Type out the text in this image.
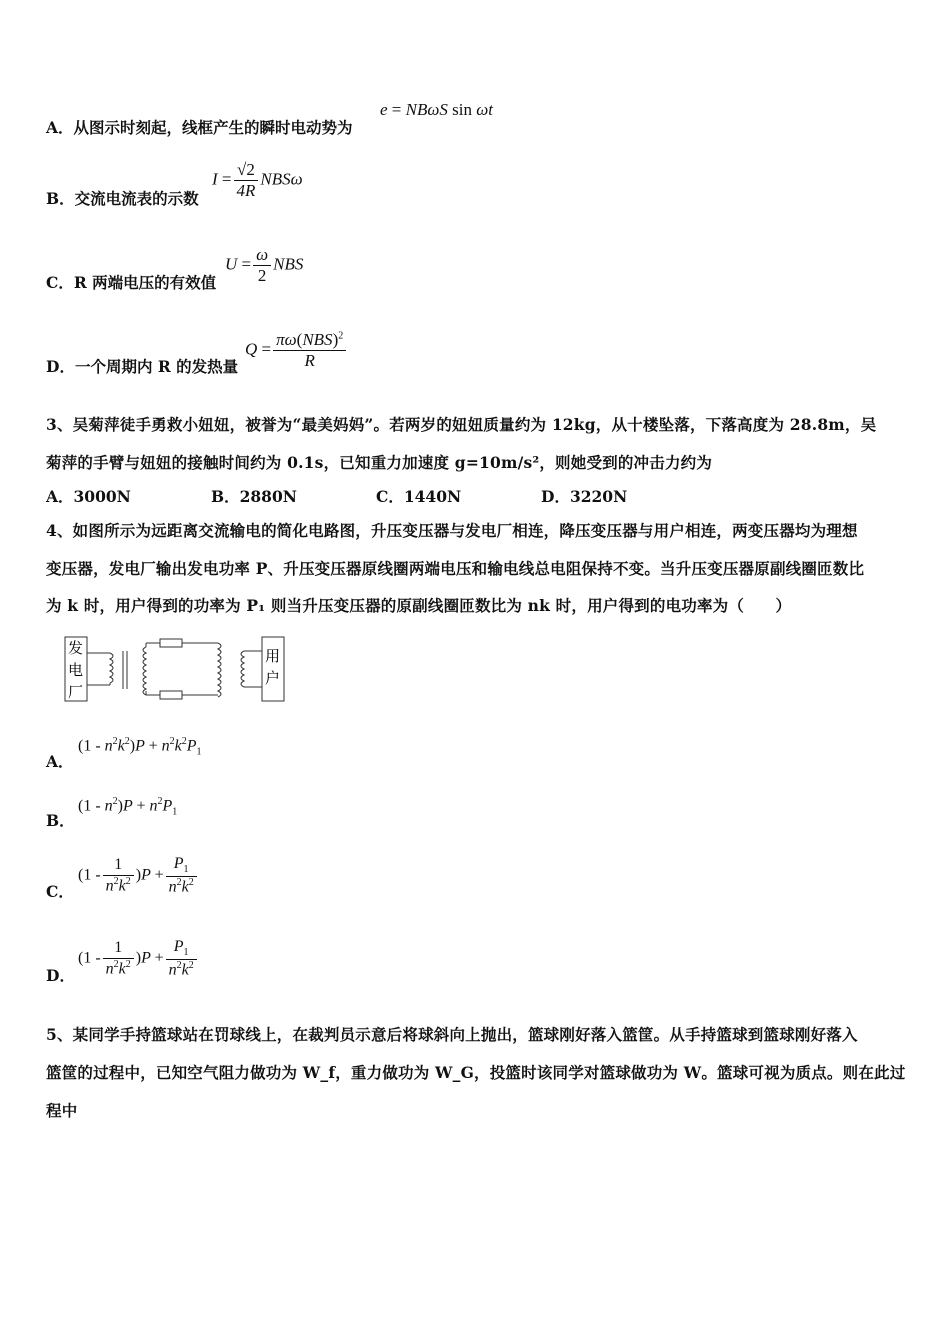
A．从图示时刻起，线框产生的瞬时电动势为
e = NBωS sin ωt
B．交流电流表的示数
$I = \frac{√2}{4R}$ NBSω
C．R 两端电压的有效值
$U = \frac{\omega}{2}$ NBS
D．一个周期内 R 的发热量
$Q = \frac{\pi\omega(NBS)^2}{R}$
3、吴菊萍徒手勇救小妞妞，被誉为“最美妈妈”。若两岁的妞妞质量约为 12kg，从十楼坠落，下落高度为 28.8m，吴
菊萍的手臂与妞妞的接触时间约为 0.1s，已知重力加速度 g=10m/s²，则她受到的冲击力约为
A．3000N	B．2880N	C．1440N	D．3220N
4、如图所示为远距离交流输电的简化电路图，升压变压器与发电厂相连，降压变压器与用户相连，两变压器均为理想
变压器，发电厂输出发电功率 P、升压变压器原线圈两端电压和输电线总电阻保持不变。当升压变压器原副线圈匝数比
为 k 时，用户得到的功率为 P₁ 则当升压变压器的原副线圈匝数比为 nk 时，用户得到的电功率为（　　）
发
电
厂
用
户
A．
$(1 - n^2k^2)P + n^2k^2P_1$
B．
$(1 - n^2)P + n^2P_1$
C．
$(1 - \frac{1}{n^2k^2} )P + \frac{P_1}{n^2k^2}$
D．
$(1 - \frac{1}{n^2k^2} )P + \frac{P_1}{n^2k^2}$
5、某同学手持篮球站在罚球线上，在裁判员示意后将球斜向上抛出，篮球刚好落入篮筐。从手持篮球到篮球刚好落入
篮筐的过程中，已知空气阻力做功为 W_f，重力做功为 W_G，投篮时该同学对篮球做功为 W。篮球可视为质点。则在此过
程中
